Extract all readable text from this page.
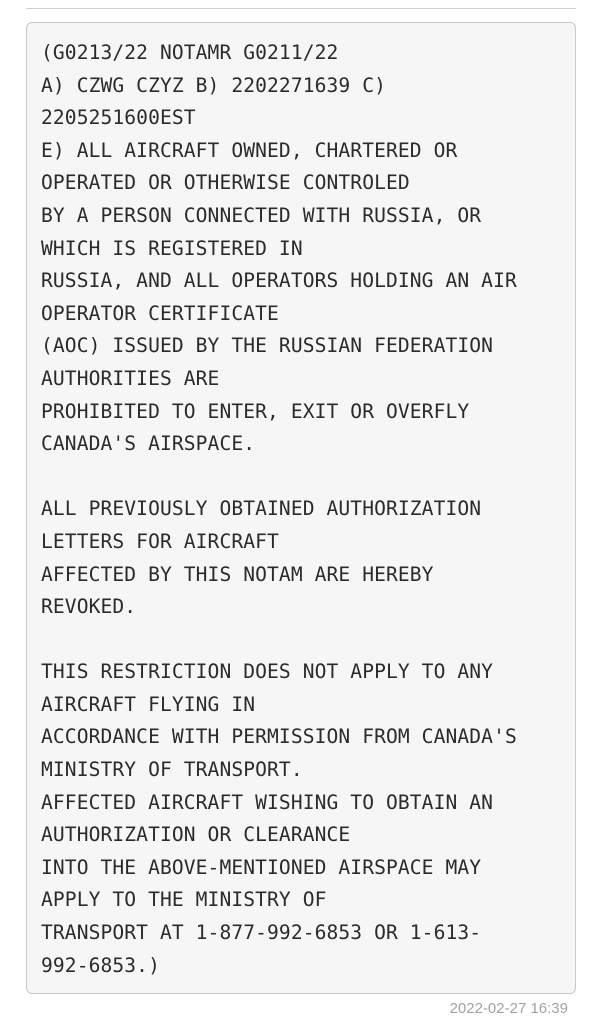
(G0213/22 NOTAMR G0211/22
A) CZWG CZYZ B) 2202271639 C)
2205251600EST
E) ALL AIRCRAFT OWNED, CHARTERED OR
OPERATED OR OTHERWISE CONTROLED
BY A PERSON CONNECTED WITH RUSSIA, OR
WHICH IS REGISTERED IN
RUSSIA, AND ALL OPERATORS HOLDING AN AIR
OPERATOR CERTIFICATE
(AOC) ISSUED BY THE RUSSIAN FEDERATION
AUTHORITIES ARE
PROHIBITED TO ENTER, EXIT OR OVERFLY
CANADA'S AIRSPACE.
ALL PREVIOUSLY OBTAINED AUTHORIZATION
LETTERS FOR AIRCRAFT
AFFECTED BY THIS NOTAM ARE HEREBY
REVOKED.
THIS RESTRICTION DOES NOT APPLY TO ANY
AIRCRAFT FLYING IN
ACCORDANCE WITH PERMISSION FROM CANADA'S
MINISTRY OF TRANSPORT.
AFFECTED AIRCRAFT WISHING TO OBTAIN AN
AUTHORIZATION OR CLEARANCE
INTO THE ABOVE-MENTIONED AIRSPACE MAY
APPLY TO THE MINISTRY OF
TRANSPORT AT 1-877-992-6853 OR 1-613-
992-6853.)
2022-02-27 16:39
